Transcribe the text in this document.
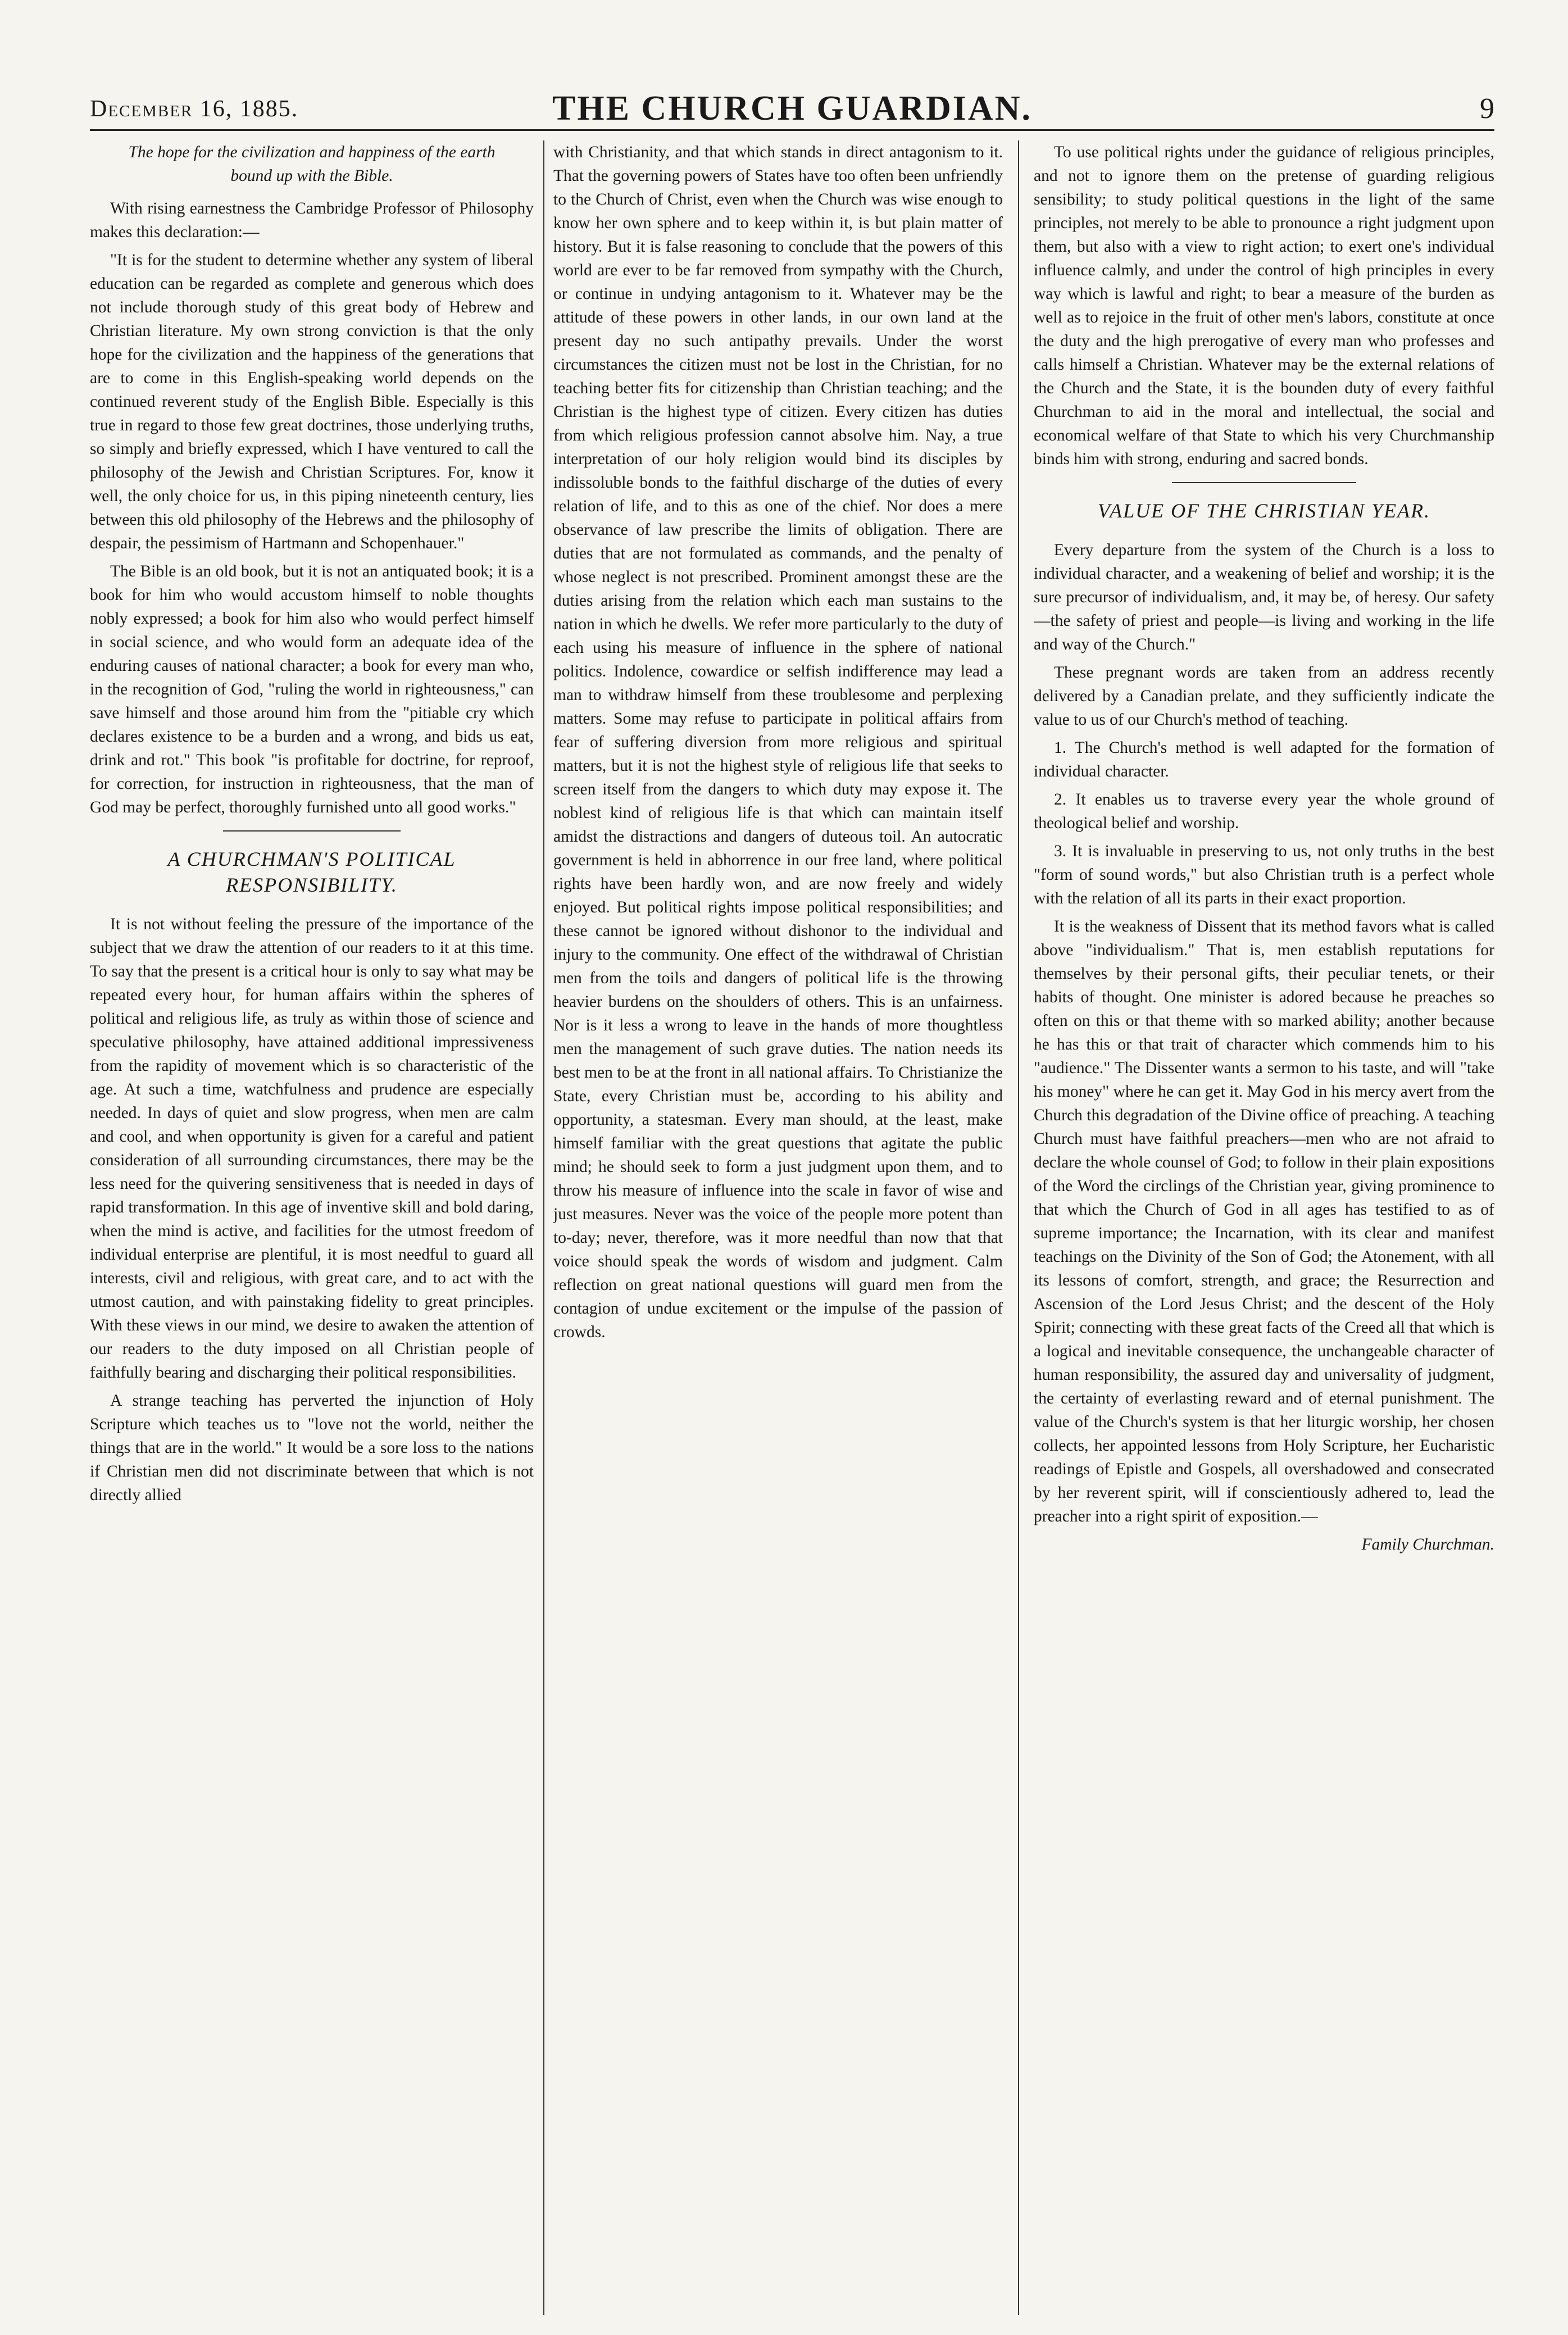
December 16, 1885.	THE CHURCH GUARDIAN.	9

The hope for the civilization and happiness of the earth bound up with the Bible.

With rising earnestness the Cambridge Professor of Philosophy makes this declaration:—

"It is for the student to determine whether any system of liberal education can be regarded as complete and generous which does not include thorough study of this great body of Hebrew and Christian literature. My own strong conviction is that the only hope for the civilization and the happiness of the generations that are to come in this English-speaking world depends on the continued reverent study of the English Bible. Especially is this true in regard to those few great doctrines, those underlying truths, so simply and briefly expressed, which I have ventured to call the philosophy of the Jewish and Christian Scriptures. For, know it well, the only choice for us, in this piping nineteenth century, lies between this old philosophy of the Hebrews and the philosophy of despair, the pessimism of Hartmann and Schopenhauer."

The Bible is an old book, but it is not an antiquated book; it is a book for him who would accustom himself to noble thoughts nobly expressed; a book for him also who would perfect himself in social science, and who would form an adequate idea of the enduring causes of national character; a book for every man who, in the recognition of God, "ruling the world in righteousness," can save himself and those around him from the "pitiable cry which declares existence to be a burden and a wrong, and bids us eat, drink and rot." This book "is profitable for doctrine, for reproof, for correction, for instruction in righteousness, that the man of God may be perfect, thoroughly furnished unto all good works."

A CHURCHMAN'S POLITICAL RESPONSIBILITY.

It is not without feeling the pressure of the importance of the subject that we draw the attention of our readers to it at this time. To say that the present is a critical hour is only to say what may be repeated every hour, for human affairs within the spheres of political and religious life, as truly as within those of science and speculative philosophy, have attained additional impressiveness from the rapidity of movement which is so characteristic of the age. At such a time, watchfulness and prudence are especially needed. In days of quiet and slow progress, when men are calm and cool, and when opportunity is given for a careful and patient consideration of all surrounding circumstances, there may be the less need for the quivering sensitiveness that is needed in days of rapid transformation. In this age of inventive skill and bold daring, when the mind is active, and facilities for the utmost freedom of individual enterprise are plentiful, it is most needful to guard all interests, civil and religious, with great care, and to act with the utmost caution, and with painstaking fidelity to great principles. With these views in our mind, we desire to awaken the attention of our readers to the duty imposed on all Christian people of faithfully bearing and discharging their political responsibilities.

A strange teaching has perverted the injunction of Holy Scripture which teaches us to "love not the world, neither the things that are in the world." It would be a sore loss to the nations if Christian men did not discriminate between that which is not directly allied

with Christianity, and that which stands in direct antagonism to it. That the governing powers of States have too often been unfriendly to the Church of Christ, even when the Church was wise enough to know her own sphere and to keep within it, is but plain matter of history. But it is false reasoning to conclude that the powers of this world are ever to be far removed from sympathy with the Church, or continue in undying antagonism to it. Whatever may be the attitude of these powers in other lands, in our own land at the present day no such antipathy prevails. Under the worst circumstances the citizen must not be lost in the Christian, for no teaching better fits for citizenship than Christian teaching; and the Christian is the highest type of citizen. Every citizen has duties from which religious profession cannot absolve him. Nay, a true interpretation of our holy religion would bind its disciples by indissoluble bonds to the faithful discharge of the duties of every relation of life, and to this as one of the chief. Nor does a mere observance of law prescribe the limits of obligation. There are duties that are not formulated as commands, and the penalty of whose neglect is not prescribed. Prominent amongst these are the duties arising from the relation which each man sustains to the nation in which he dwells. We refer more particularly to the duty of each using his measure of influence in the sphere of national politics. Indolence, cowardice or selfish indifference may lead a man to withdraw himself from these troublesome and perplexing matters. Some may refuse to participate in political affairs from fear of suffering diversion from more religious and spiritual matters, but it is not the highest style of religious life that seeks to screen itself from the dangers to which duty may expose it. The noblest kind of religious life is that which can maintain itself amidst the distractions and dangers of duteous toil. An autocratic government is held in abhorrence in our free land, where political rights have been hardly won, and are now freely and widely enjoyed. But political rights impose political responsibilities; and these cannot be ignored without dishonor to the individual and injury to the community. One effect of the withdrawal of Christian men from the toils and dangers of political life is the throwing heavier burdens on the shoulders of others. This is an unfairness. Nor is it less a wrong to leave in the hands of more thoughtless men the management of such grave duties. The nation needs its best men to be at the front in all national affairs. To Christianize the State, every Christian must be, according to his ability and opportunity, a statesman. Every man should, at the least, make himself familiar with the great questions that agitate the public mind; he should seek to form a just judgment upon them, and to throw his measure of influence into the scale in favor of wise and just measures. Never was the voice of the people more potent than to-day; never, therefore, was it more needful than now that that voice should speak the words of wisdom and judgment. Calm reflection on great national questions will guard men from the contagion of undue excitement or the impulse of the passion of crowds.

To use political rights under the guidance of religious principles, and not to ignore them on the pretense of guarding religious sensibility; to study political questions in the light of the same principles, not merely to be able to pronounce a right judgment upon them, but also with a view to right action; to exert one's individual influence calmly, and under the control of high principles in every way which is lawful and right; to bear a measure of the burden as well as to rejoice in the fruit of other men's labors, constitute at once the duty and the high prerogative of every man who professes and calls himself a Christian. Whatever may be the external relations of the Church and the State, it is the bounden duty of every faithful Churchman to aid in the moral and intellectual, the social and economical welfare of that State to which his very Churchmanship binds him with strong, enduring and sacred bonds.

VALUE OF THE CHRISTIAN YEAR.

Every departure from the system of the Church is a loss to individual character, and a weakening of belief and worship; it is the sure precursor of individualism, and, it may be, of heresy. Our safety—the safety of priest and people—is living and working in the life and way of the Church."

These pregnant words are taken from an address recently delivered by a Canadian prelate, and they sufficiently indicate the value to us of our Church's method of teaching.

1. The Church's method is well adapted for the formation of individual character.

2. It enables us to traverse every year the whole ground of theological belief and worship.

3. It is invaluable in preserving to us, not only truths in the best "form of sound words," but also Christian truth is a perfect whole with the relation of all its parts in their exact proportion.

It is the weakness of Dissent that its method favors what is called above "individualism." That is, men establish reputations for themselves by their personal gifts, their peculiar tenets, or their habits of thought. One minister is adored because he preaches so often on this or that theme with so marked ability; another because he has this or that trait of character which commends him to his "audience." The Dissenter wants a sermon to his taste, and will "take his money" where he can get it. May God in his mercy avert from the Church this degradation of the Divine office of preaching. A teaching Church must have faithful preachers—men who are not afraid to declare the whole counsel of God; to follow in their plain expositions of the Word the circlings of the Christian year, giving prominence to that which the Church of God in all ages has testified to as of supreme importance; the Incarnation, with its clear and manifest teachings on the Divinity of the Son of God; the Atonement, with all its lessons of comfort, strength, and grace; the Resurrection and Ascension of the Lord Jesus Christ; and the descent of the Holy Spirit; connecting with these great facts of the Creed all that which is a logical and inevitable consequence, the unchangeable character of human responsibility, the assured day and universality of judgment, the certainty of everlasting reward and of eternal punishment. The value of the Church's system is that her liturgic worship, her chosen collects, her appointed lessons from Holy Scripture, her Eucharistic readings of Epistle and Gospels, all overshadowed and consecrated by her reverent spirit, will if conscientiously adhered to, lead the preacher into a right spirit of exposition.—

Family Churchman.
